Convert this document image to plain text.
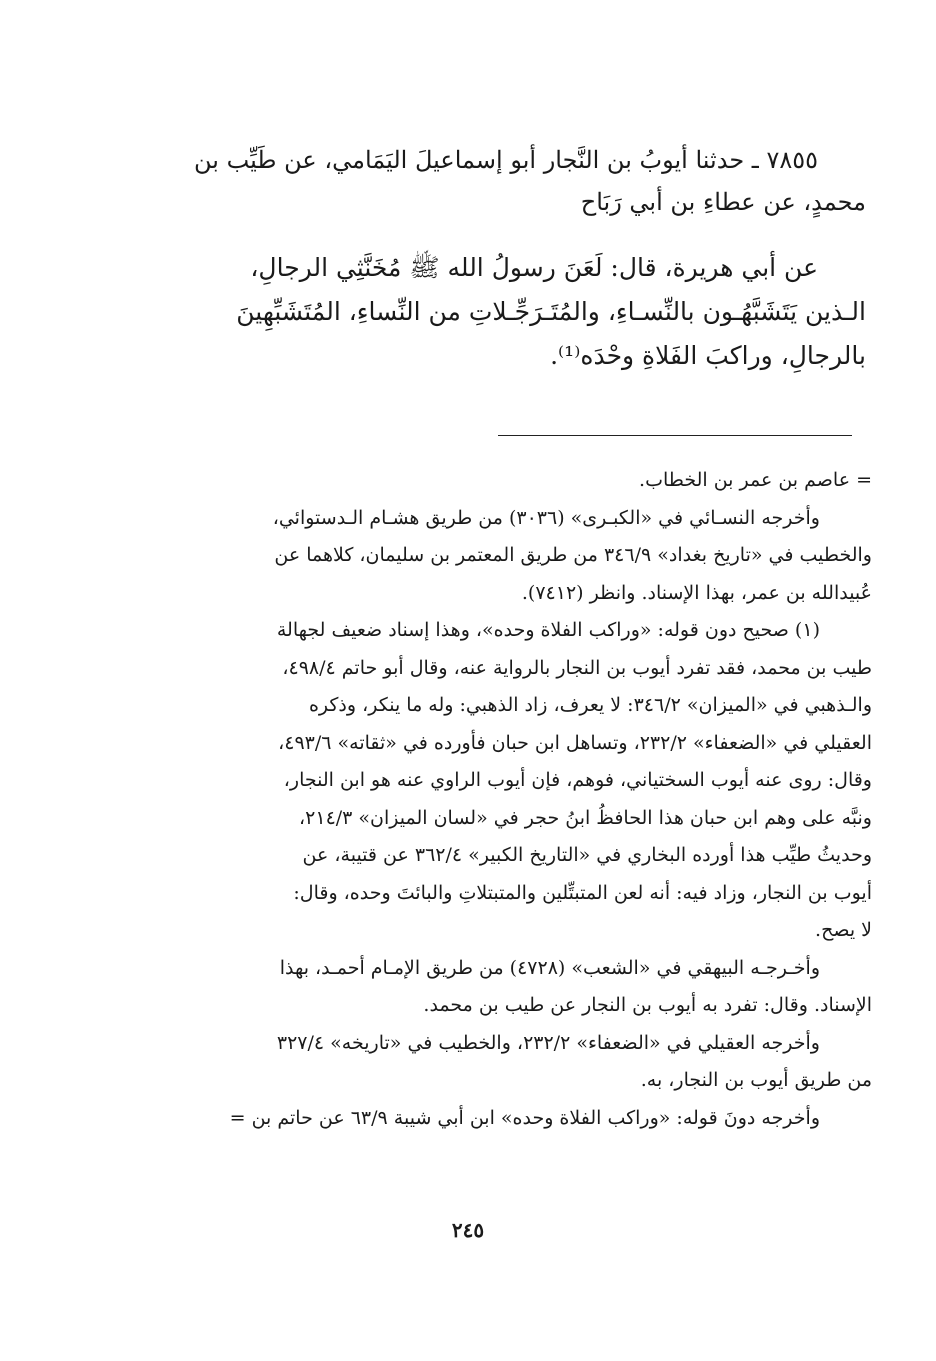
٧٨٥٥ ـ حدثنا أيوبُ بن النَّجار أبو إسماعيلَ اليَمَامي، عن طَيِّب بن
محمدٍ، عن عطاءِ بن أبي رَبَاح
عن أبي هريرة، قال: لَعَنَ رسولُ الله ﷺ مُخَنَّثِي الرجالِ،
الـذين يَتَشَبَّهُـون بالنِّسـاءِ، والمُتَـرَجِّـلاتِ من النِّساءِ، المُتَشَبِّهِينَ
بالرجالِ، وراكبَ الفَلاةِ وحْدَه⁽¹⁾.
= عاصم بن عمر بن الخطاب.
وأخرجه النسـائي في «الكبـرى» (٣٠٣٦) من طريق هشـام الـدستوائي،
والخطيب في «تاريخ بغداد» ٣٤٦/٩ من طريق المعتمر بن سليمان، كلاهما عن
عُبيدالله بن عمر، بهذا الإسناد. وانظر (٧٤١٢).
(١) صحيح دون قوله: «وراكب الفلاة وحده»، وهذا إسناد ضعيف لجهالة
طيب بن محمد، فقد تفرد أيوب بن النجار بالرواية عنه، وقال أبو حاتم ٤٩٨/٤،
والـذهبي في «الميزان» ٣٤٦/٢: لا يعرف، زاد الذهبي: وله ما ينكر، وذكره
العقيلي في «الضعفاء» ٢٣٢/٢، وتساهل ابن حبان فأورده في «ثقاته» ٤٩٣/٦،
وقال: روى عنه أيوب السختياني، فوهم، فإن أيوب الراوي عنه هو ابن النجار،
ونبَّه على وهم ابن حبان هذا الحافظُ ابنُ حجر في «لسان الميزان» ٢١٤/٣،
وحديثُ طيِّب هذا أورده البخاري في «التاريخ الكبير» ٣٦٢/٤ عن قتيبة، عن
أيوب بن النجار، وزاد فيه: أنه لعن المتبتِّلين والمتبتلاتِ والبائتَ وحده، وقال:
لا يصح.
وأخـرجـه البيهقي في «الشعب» (٤٧٢٨) من طريق الإمـام أحمـد، بهذا
الإسناد. وقال: تفرد به أيوب بن النجار عن طيب بن محمد.
وأخرجه العقيلي في «الضعفاء» ٢٣٢/٢، والخطيب في «تاريخه» ٣٢٧/٤
من طريق أيوب بن النجار، به.
وأخرجه دونَ قوله: «وراكب الفلاة وحده» ابن أبي شيبة ٦٣/٩ عن حاتم بن =
٢٤٥
